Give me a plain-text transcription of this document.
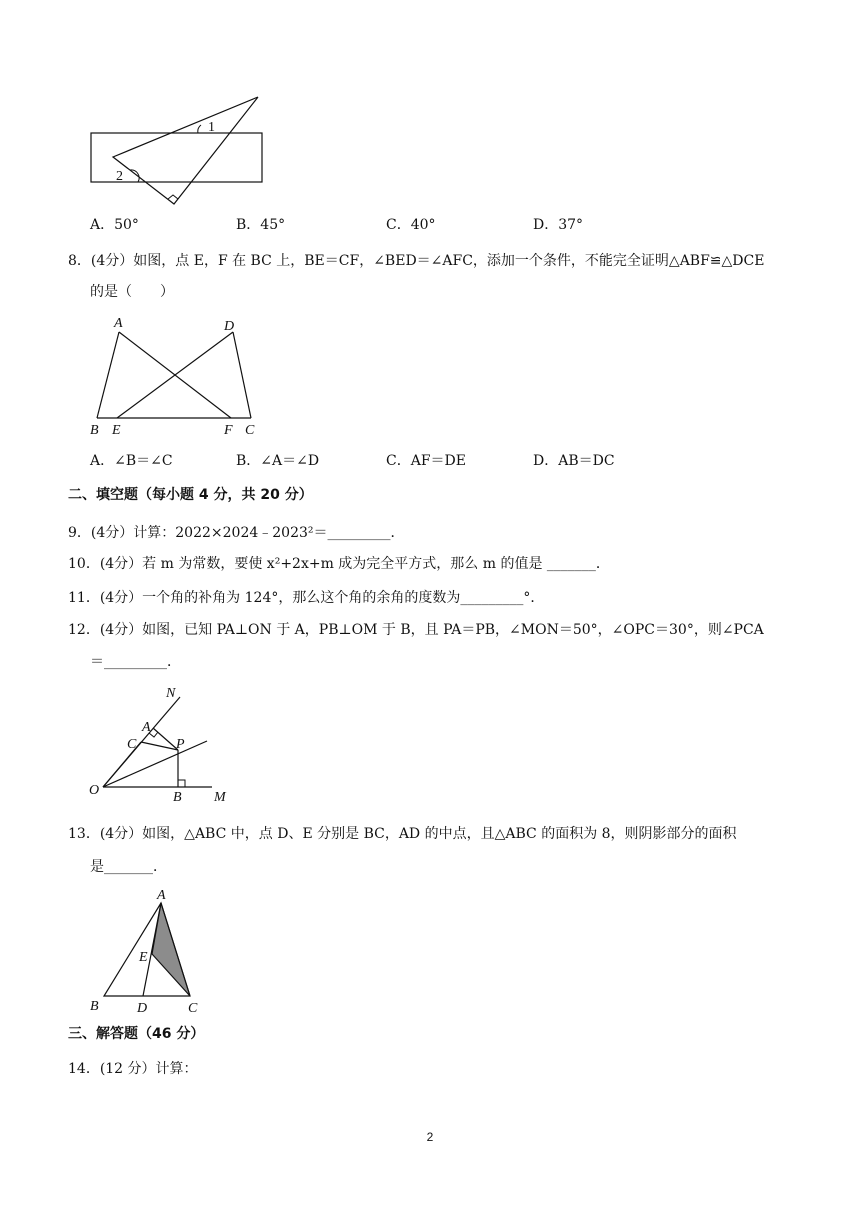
1
2
A．50°	B．45°	C．40°	D．37°
8．(4分）如图，点 E，F 在 BC 上，BE＝CF，∠BED＝∠AFC，添加一个条件，不能完全证明△ABF≌△DCE
的是（　　）
A	D
B E	F C
A．∠B＝∠C	B．∠A＝∠D	C．AF＝DE	D．AB＝DC
二、填空题（每小题 4 分，共 20 分）
9．(4分）计算：2022×2024﹣2023²＝_________．
10．(4分）若 m 为常数，要使 x²+2x+m 成为完全平方式，那么 m 的值是 _______．
11．(4分）一个角的补角为 124°，那么这个角的余角的度数为_________°．
12．(4分）如图，已知 PA⊥ON 于 A，PB⊥OM 于 B，且 PA＝PB，∠MON＝50°，∠OPC＝30°，则∠PCA
＝_________．
N
A
C	P
O	B M
13．(4分）如图，△ABC 中，点 D、E 分别是 BC，AD 的中点，且△ABC 的面积为 8，则阴影部分的面积
是_______．
A
E
B	D	C
三、解答题（46 分）
14．(12 分）计算：
2
